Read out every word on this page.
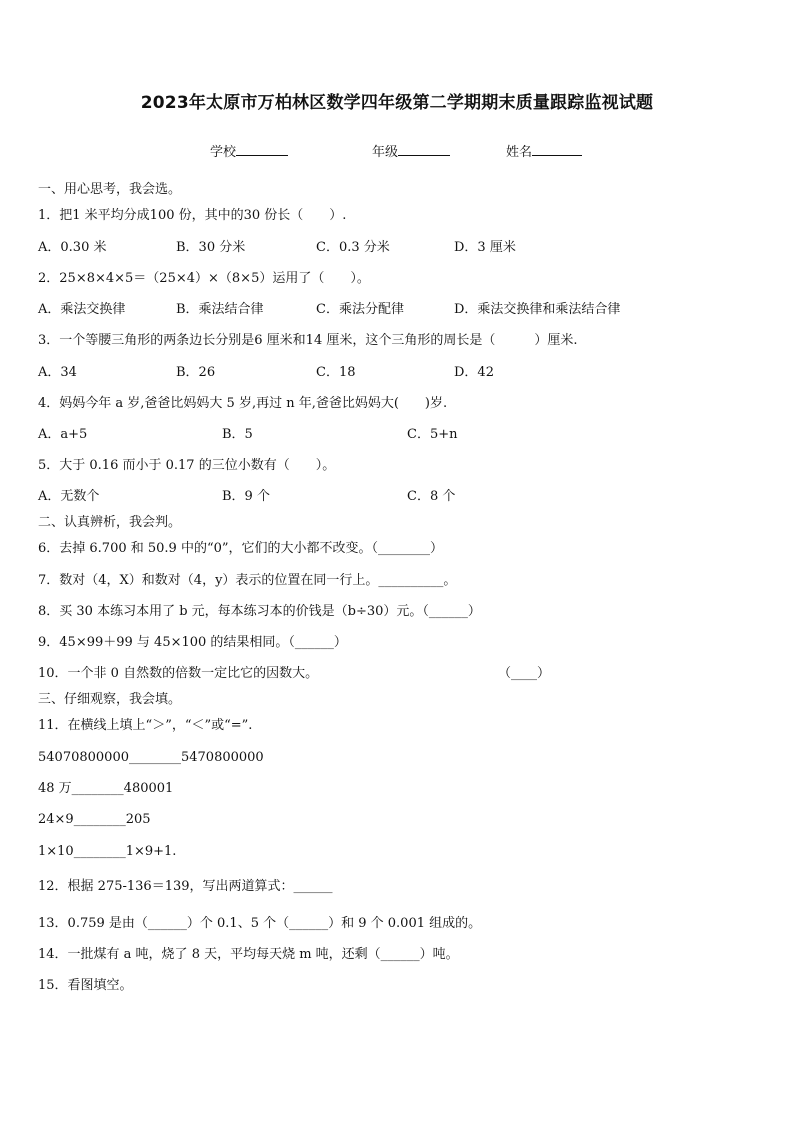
2023年太原市万柏林区数学四年级第二学期期末质量跟踪监视试题
学校	年级	姓名
一、用心思考，我会选。
1．把1 米平均分成100 份，其中的30 份长（　　）.
A．0.30 米	B．30 分米	C．0.3 分米	D．3 厘米
2．25×8×4×5＝（25×4）×（8×5）运用了（　　）。
A．乘法交换律	B．乘法结合律	C．乘法分配律	D．乘法交换律和乘法结合律
3．一个等腰三角形的两条边长分别是6 厘米和14 厘米，这个三角形的周长是（　　　）厘米.
A．34	B．26	C．18	D．42
4．妈妈今年 a 岁,爸爸比妈妈大 5 岁,再过 n 年,爸爸比妈妈大(　　)岁.
A．a+5	B．5	C．5+n
5．大于 0.16 而小于 0.17 的三位小数有（　　）。
A．无数个	B．9 个	C．8 个
二、认真辨析，我会判。
6．去掉 6.700 和 50.9 中的“0”，它们的大小都不改变。（________）
7．数对（4，X）和数对（4，y）表示的位置在同一行上。__________。
8．买 30 本练习本用了 b 元，每本练习本的价钱是（b÷30）元。（______）
9．45×99＋99 与 45×100 的结果相同。（______）
10．一个非 0 自然数的倍数一定比它的因数大。	（____）
三、仔细观察，我会填。
11．在横线上填上“＞”，“＜”或“=”.
54070800000________5470800000
48 万________480001
24×9________205
1×10________1×9+1.
12．根据 275-136＝139，写出两道算式：______
13．0.759 是由（______）个 0.1、5 个（______）和 9 个 0.001 组成的。
14．一批煤有 a 吨，烧了 8 天，平均每天烧 m 吨，还剩（______）吨。
15．看图填空。
